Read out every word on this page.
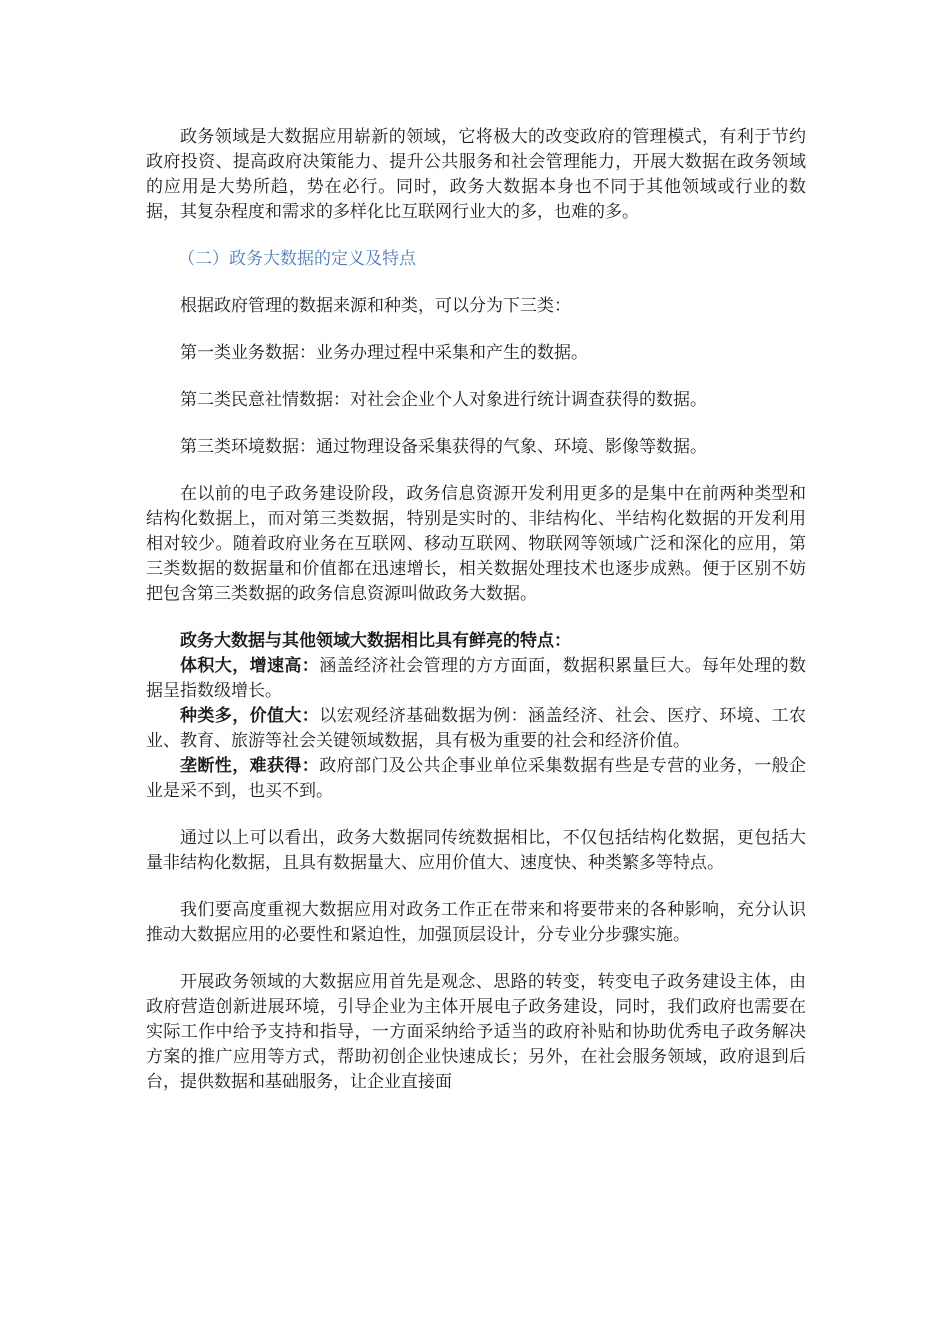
政务领域是大数据应用崭新的领域，它将极大的改变政府的管理模式，有利于节约政府投资、提高政府决策能力、提升公共服务和社会管理能力，开展大数据在政务领域的应用是大势所趋，势在必行。同时，政务大数据本身也不同于其他领域或行业的数据，其复杂程度和需求的多样化比互联网行业大的多，也难的多。

（二）政务大数据的定义及特点

根据政府管理的数据来源和种类，可以分为下三类：

第一类业务数据：业务办理过程中采集和产生的数据。

第二类民意社情数据：对社会企业个人对象进行统计调查获得的数据。

第三类环境数据：通过物理设备采集获得的气象、环境、影像等数据。

在以前的电子政务建设阶段，政务信息资源开发利用更多的是集中在前两种类型和结构化数据上，而对第三类数据，特别是实时的、非结构化、半结构化数据的开发利用相对较少。随着政府业务在互联网、移动互联网、物联网等领域广泛和深化的应用，第三类数据的数据量和价值都在迅速增长，相关数据处理技术也逐步成熟。便于区别不妨把包含第三类数据的政务信息资源叫做政务大数据。

政务大数据与其他领域大数据相比具有鲜亮的特点：

体积大，增速高：涵盖经济社会管理的方方面面，数据积累量巨大。每年处理的数据呈指数级增长。

种类多，价值大：以宏观经济基础数据为例：涵盖经济、社会、医疗、环境、工农业、教育、旅游等社会关键领域数据，具有极为重要的社会和经济价值。

垄断性，难获得：政府部门及公共企事业单位采集数据有些是专营的业务，一般企业是采不到，也买不到。

通过以上可以看出，政务大数据同传统数据相比，不仅包括结构化数据，更包括大量非结构化数据，且具有数据量大、应用价值大、速度快、种类繁多等特点。

我们要高度重视大数据应用对政务工作正在带来和将要带来的各种影响，充分认识推动大数据应用的必要性和紧迫性，加强顶层设计，分专业分步骤实施。

开展政务领域的大数据应用首先是观念、思路的转变，转变电子政务建设主体，由政府营造创新进展环境，引导企业为主体开展电子政务建设，同时，我们政府也需要在实际工作中给予支持和指导，一方面采纳给予适当的政府补贴和协助优秀电子政务解决方案的推广应用等方式，帮助初创企业快速成长；另外，在社会服务领域，政府退到后台，提供数据和基础服务，让企业直接面
